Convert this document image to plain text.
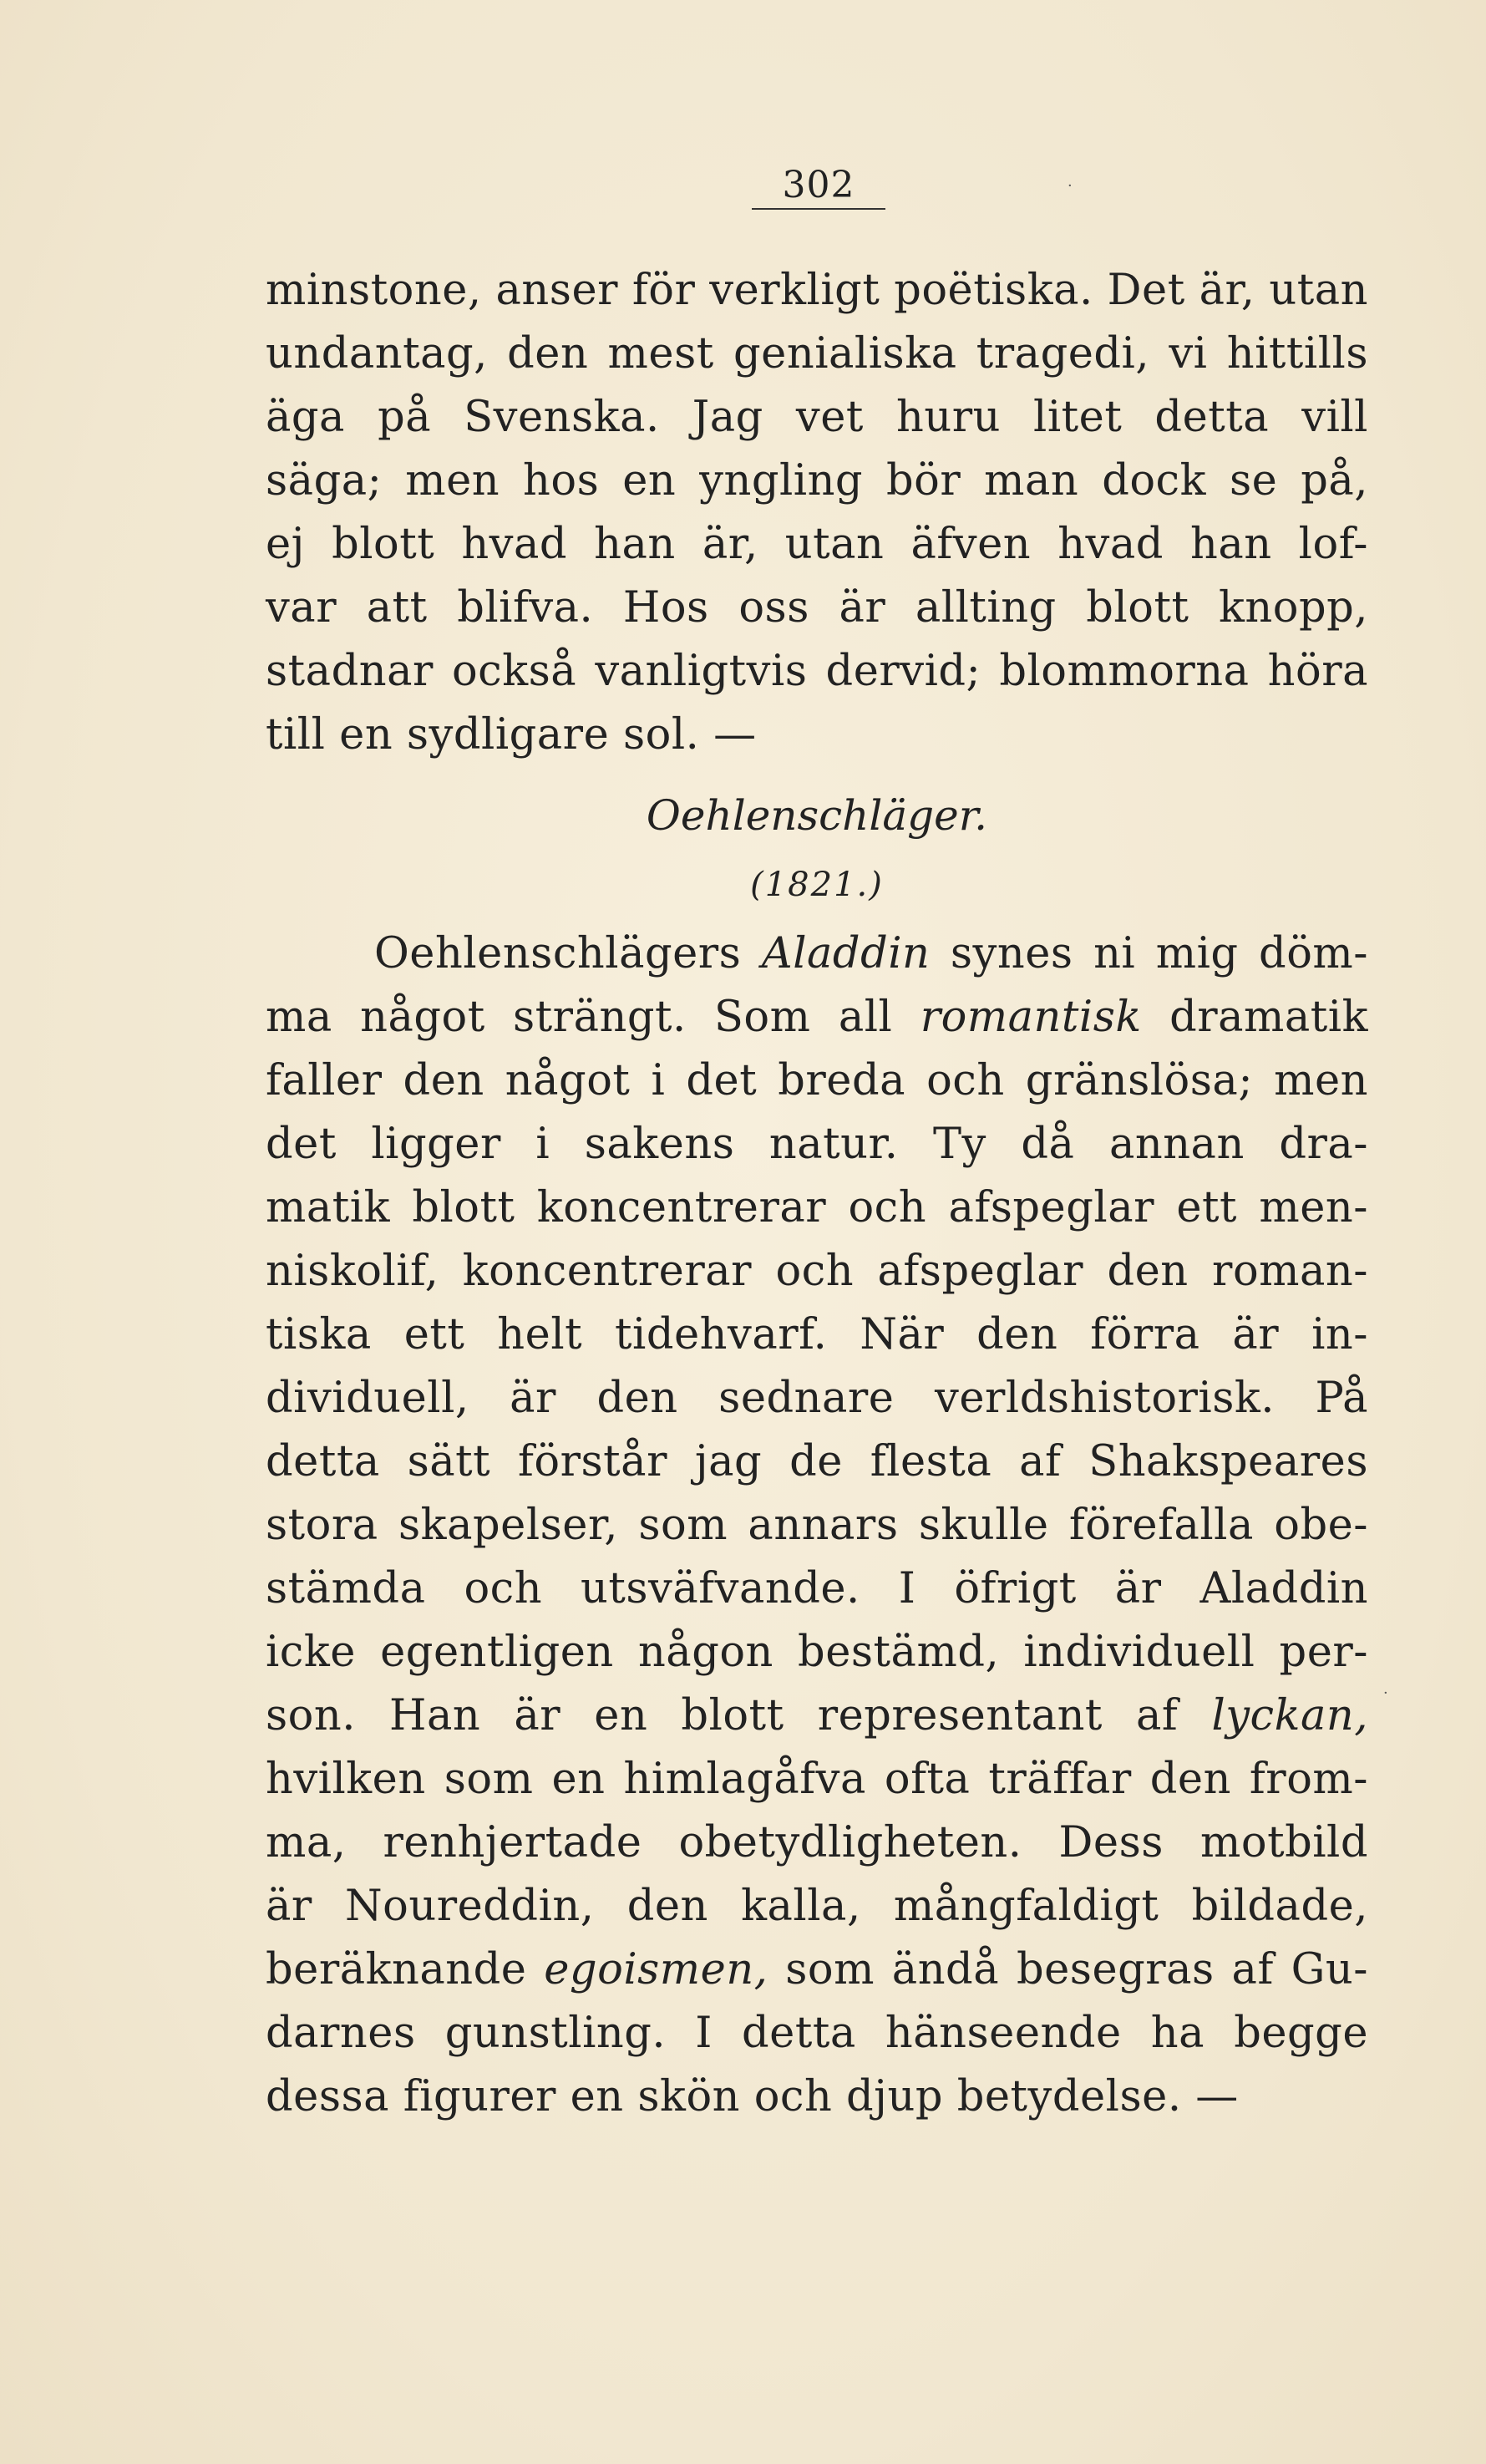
302	·
·
minstone, anser för verkligt poëtiska. Det är, utan
undantag, den mest genialiska tragedi, vi hittills
äga på Svenska. Jag vet huru litet detta vill
säga; men hos en yngling bör man dock se på,
ej blott hvad han är, utan äfven hvad han lof-
var att blifva. Hos oss är allting blott knopp,
stadnar också vanligtvis dervid; blommorna höra
till en sydligare sol. —
Oehlenschläger.
(1821.)
Oehlenschlägers Aladdin synes ni mig döm-
ma något strängt. Som all romantisk dramatik
faller den något i det breda och gränslösa; men
det ligger i sakens natur. Ty då annan dra-
matik blott koncentrerar och afspeglar ett men-
niskolif, koncentrerar och afspeglar den roman-
tiska ett helt tidehvarf. När den förra är in-
dividuell, är den sednare verldshistorisk. På
detta sätt förstår jag de flesta af Shakspeares
stora skapelser, som annars skulle förefalla obe-
stämda och utsväfvande. I öfrigt är Aladdin
icke egentligen någon bestämd, individuell per-
son. Han är en blott representant af lyckan,
hvilken som en himlagåfva ofta träffar den from-
ma, renhjertade obetydligheten. Dess motbild
är Noureddin, den kalla, mångfaldigt bildade,
beräknande egoismen, som ändå besegras af Gu-
darnes gunstling. I detta hänseende ha begge
dessa figurer en skön och djup betydelse. —
